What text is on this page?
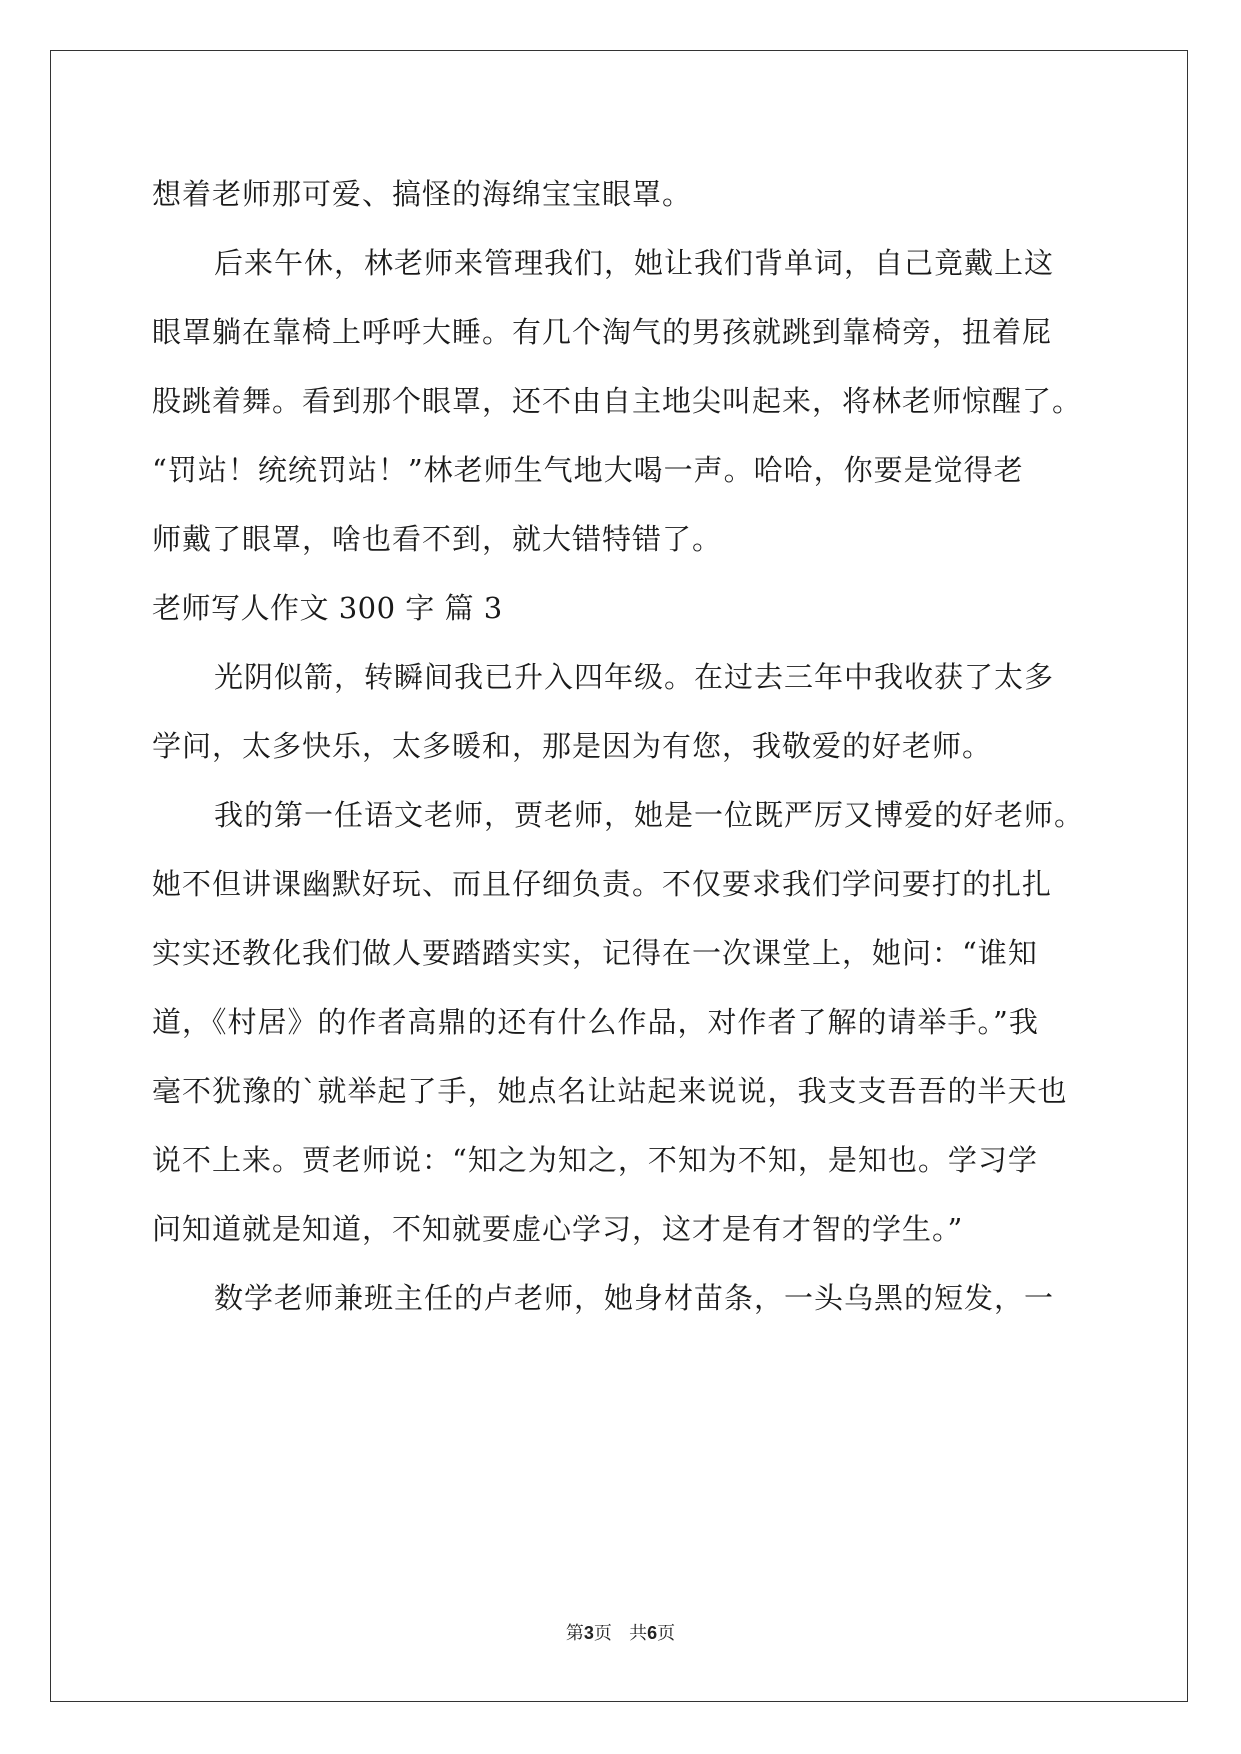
想着老师那可爱、搞怪的海绵宝宝眼罩。
后来午休，林老师来管理我们，她让我们背单词，自己竟戴上这
眼罩躺在靠椅上呼呼大睡。有几个淘气的男孩就跳到靠椅旁，扭着屁
股跳着舞。看到那个眼罩，还不由自主地尖叫起来，将林老师惊醒了。
“罚站！统统罚站！”林老师生气地大喝一声。哈哈，你要是觉得老
师戴了眼罩，啥也看不到，就大错特错了。
老师写人作文 300 字 篇 3
光阴似箭，转瞬间我已升入四年级。在过去三年中我收获了太多
学问，太多快乐，太多暖和，那是因为有您，我敬爱的好老师。
我的第一任语文老师，贾老师，她是一位既严厉又博爱的好老师。
她不但讲课幽默好玩、而且仔细负责。不仅要求我们学问要打的扎扎
实实还教化我们做人要踏踏实实，记得在一次课堂上，她问：“谁知
道，《村居》的作者高鼎的还有什么作品，对作者了解的请举手。”我
毫不犹豫的`就举起了手，她点名让站起来说说，我支支吾吾的半天也
说不上来。贾老师说：“知之为知之，不知为不知，是知也。学习学
问知道就是知道，不知就要虚心学习，这才是有才智的学生。”
数学老师兼班主任的卢老师，她身材苗条，一头乌黑的短发，一
第3页 共6页
